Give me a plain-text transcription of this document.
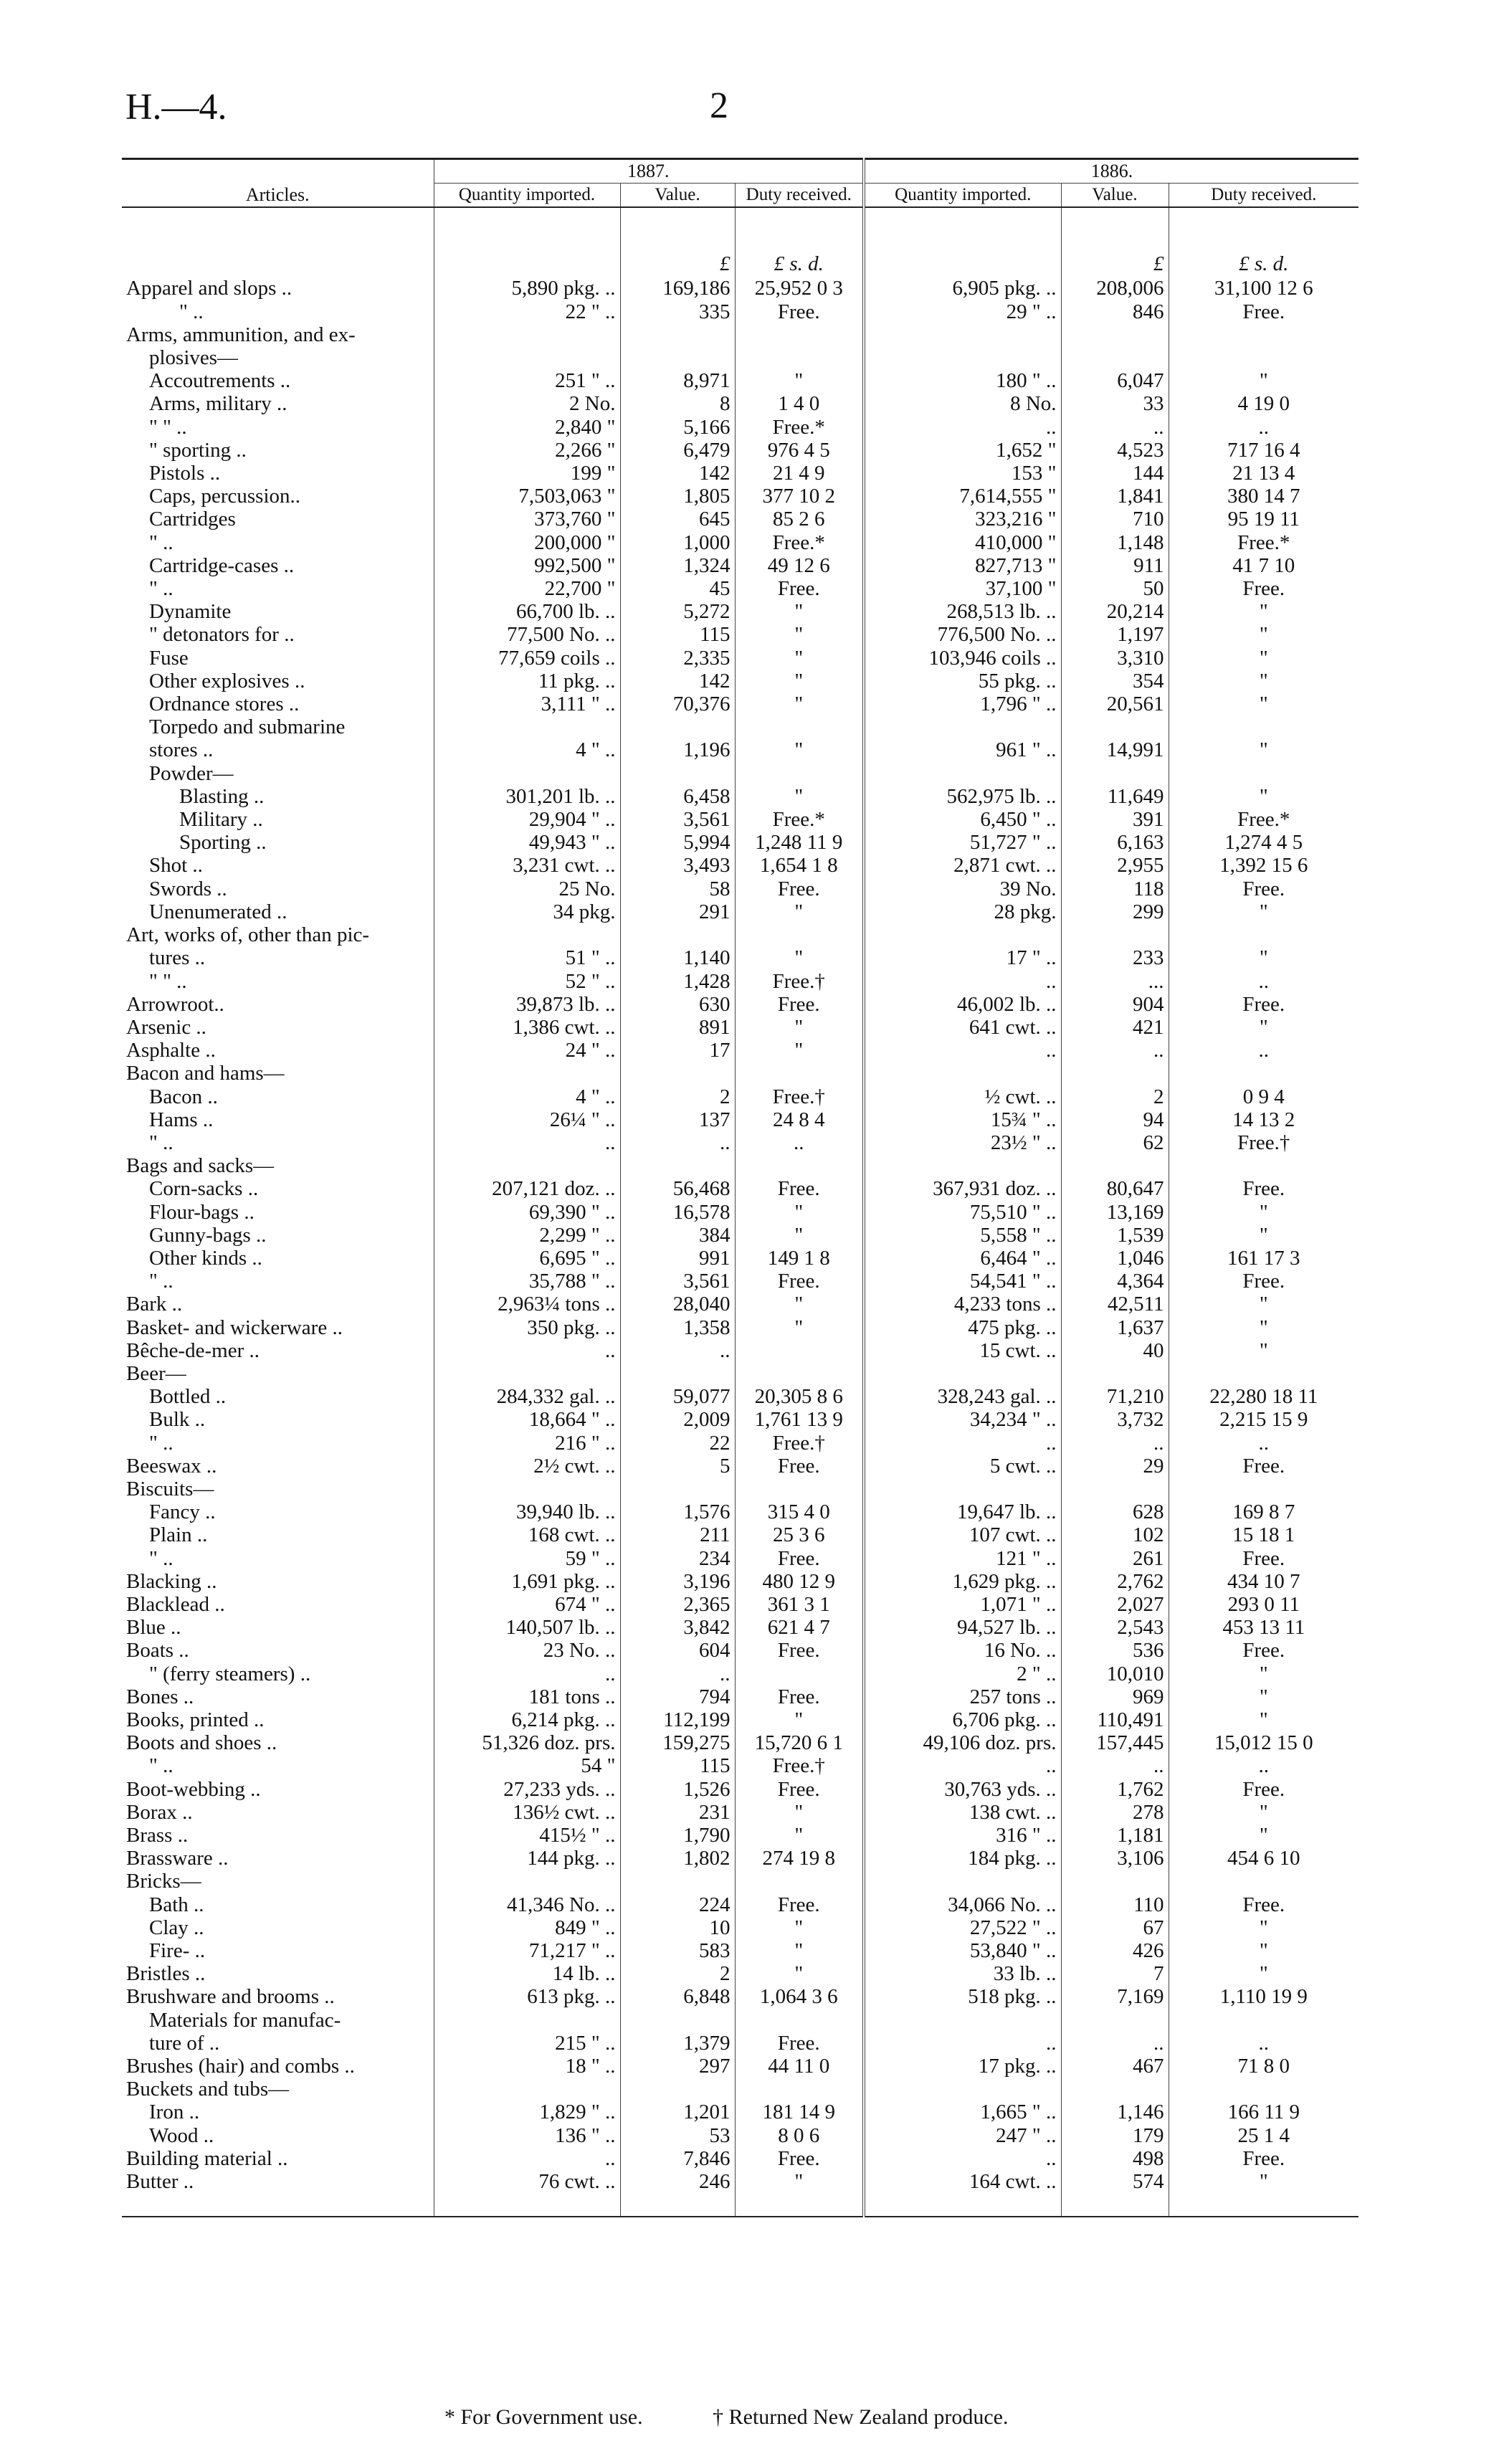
H.—4.	2
Articles.	1887.			1886.		
	Quantity imported.	Value.	Duty received.	Quantity imported.	Value.	Duty received.

		£	£ s. d.		£	£ s. d.
Apparel and slops ..	5,890 pkg. ..	169,186	25,952 0 3	6,905 pkg. ..	208,006	31,100 12 6
" ..	22 " ..	335	Free.	29 " ..	846	Free.
Arms, ammunition, and ex-						
plosives—						
Accoutrements ..	251 " ..	8,971	"	180 " ..	6,047	"
Arms, military ..	2 No.	8	1 4 0	8 No.	33	4 19 0
" " ..	2,840 "	5,166	Free.*	..	..	..
" sporting ..	2,266 "	6,479	976 4 5	1,652 "	4,523	717 16 4
Pistols ..	199 "	142	21 4 9	153 "	144	21 13 4
Caps, percussion..	7,503,063 "	1,805	377 10 2	7,614,555 "	1,841	380 14 7
Cartridges	373,760 "	645	85 2 6	323,216 "	710	95 19 11
" ..	200,000 "	1,000	Free.*	410,000 "	1,148	Free.*
Cartridge-cases ..	992,500 "	1,324	49 12 6	827,713 "	911	41 7 10
" ..	22,700 "	45	Free.	37,100 "	50	Free.
Dynamite	66,700 lb. ..	5,272	"	268,513 lb. ..	20,214	"
" detonators for ..	77,500 No. ..	115	"	776,500 No. ..	1,197	"
Fuse	77,659 coils ..	2,335	"	103,946 coils ..	3,310	"
Other explosives ..	11 pkg. ..	142	"	55 pkg. ..	354	"
Ordnance stores ..	3,111 " ..	70,376	"	1,796 " ..	20,561	"
Torpedo and submarine						
stores ..	4 " ..	1,196	"	961 " ..	14,991	"
Powder—						
Blasting ..	301,201 lb. ..	6,458	"	562,975 lb. ..	11,649	"
Military ..	29,904 " ..	3,561	Free.*	6,450 " ..	391	Free.*
Sporting ..	49,943 " ..	5,994	1,248 11 9	51,727 " ..	6,163	1,274 4 5
Shot ..	3,231 cwt. ..	3,493	1,654 1 8	2,871 cwt. ..	2,955	1,392 15 6
Swords ..	25 No.	58	Free.	39 No.	118	Free.
Unenumerated ..	34 pkg.	291	"	28 pkg.	299	"
Art, works of, other than pic-						
tures ..	51 " ..	1,140	"	17 " ..	233	"
" " ..	52 " ..	1,428	Free.†	..	...	..
Arrowroot..	39,873 lb. ..	630	Free.	46,002 lb. ..	904	Free.
Arsenic ..	1,386 cwt. ..	891	"	641 cwt. ..	421	"
Asphalte ..	24 " ..	17	"	..	..	..
Bacon and hams—						
Bacon ..	4 " ..	2	Free.†	½ cwt. ..	2	0 9 4
Hams ..	26¼ " ..	137	24 8 4	15¾ " ..	94	14 13 2
" ..	..	..	..	23½ " ..	62	Free.†
Bags and sacks—						
Corn-sacks ..	207,121 doz. ..	56,468	Free.	367,931 doz. ..	80,647	Free.
Flour-bags ..	69,390 " ..	16,578	"	75,510 " ..	13,169	"
Gunny-bags ..	2,299 " ..	384	"	5,558 " ..	1,539	"
Other kinds ..	6,695 " ..	991	149 1 8	6,464 " ..	1,046	161 17 3
" ..	35,788 " ..	3,561	Free.	54,541 " ..	4,364	Free.
Bark ..	2,963¼ tons ..	28,040	"	4,233 tons ..	42,511	"
Basket- and wickerware ..	350 pkg. ..	1,358	"	475 pkg. ..	1,637	"
Bêche-de-mer ..	..	..		15 cwt. ..	40	"
Beer—						
Bottled ..	284,332 gal. ..	59,077	20,305 8 6	328,243 gal. ..	71,210	22,280 18 11
Bulk ..	18,664 " ..	2,009	1,761 13 9	34,234 " ..	3,732	2,215 15 9
" ..	216 " ..	22	Free.†	..	..	..
Beeswax ..	2½ cwt. ..	5	Free.	5 cwt. ..	29	Free.
Biscuits—						
Fancy ..	39,940 lb. ..	1,576	315 4 0	19,647 lb. ..	628	169 8 7
Plain ..	168 cwt. ..	211	25 3 6	107 cwt. ..	102	15 18 1
" ..	59 " ..	234	Free.	121 " ..	261	Free.
Blacking ..	1,691 pkg. ..	3,196	480 12 9	1,629 pkg. ..	2,762	434 10 7
Blacklead ..	674 " ..	2,365	361 3 1	1,071 " ..	2,027	293 0 11
Blue ..	140,507 lb. ..	3,842	621 4 7	94,527 lb. ..	2,543	453 13 11
Boats ..	23 No. ..	604	Free.	16 No. ..	536	Free.
" (ferry steamers) ..	..	..		2 " ..	10,010	"
Bones ..	181 tons ..	794	Free.	257 tons ..	969	"
Books, printed ..	6,214 pkg. ..	112,199	"	6,706 pkg. ..	110,491	"
Boots and shoes ..	51,326 doz. prs.	159,275	15,720 6 1	49,106 doz. prs.	157,445	15,012 15 0
" ..	54 "	115	Free.†	..	..	..
Boot-webbing ..	27,233 yds. ..	1,526	Free.	30,763 yds. ..	1,762	Free.
Borax ..	136½ cwt. ..	231	"	138 cwt. ..	278	"
Brass ..	415½ " ..	1,790	"	316 " ..	1,181	"
Brassware ..	144 pkg. ..	1,802	274 19 8	184 pkg. ..	3,106	454 6 10
Bricks—						
Bath ..	41,346 No. ..	224	Free.	34,066 No. ..	110	Free.
Clay ..	849 " ..	10	"	27,522 " ..	67	"
Fire- ..	71,217 " ..	583	"	53,840 " ..	426	"
Bristles ..	14 lb. ..	2	"	33 lb. ..	7	"
Brushware and brooms ..	613 pkg. ..	6,848	1,064 3 6	518 pkg. ..	7,169	1,110 19 9
Materials for manufac-						
ture of ..	215 " ..	1,379	Free.	..	..	..
Brushes (hair) and combs ..	18 " ..	297	44 11 0	17 pkg. ..	467	71 8 0
Buckets and tubs—						
Iron ..	1,829 " ..	1,201	181 14 9	1,665 " ..	1,146	166 11 9
Wood ..	136 " ..	53	8 0 6	247 " ..	179	25 1 4
Building material ..	..	7,846	Free.	..	498	Free.
Butter ..	76 cwt. ..	246	"	164 cwt. ..	574	"

* For Government use.	† Returned New Zealand produce.
